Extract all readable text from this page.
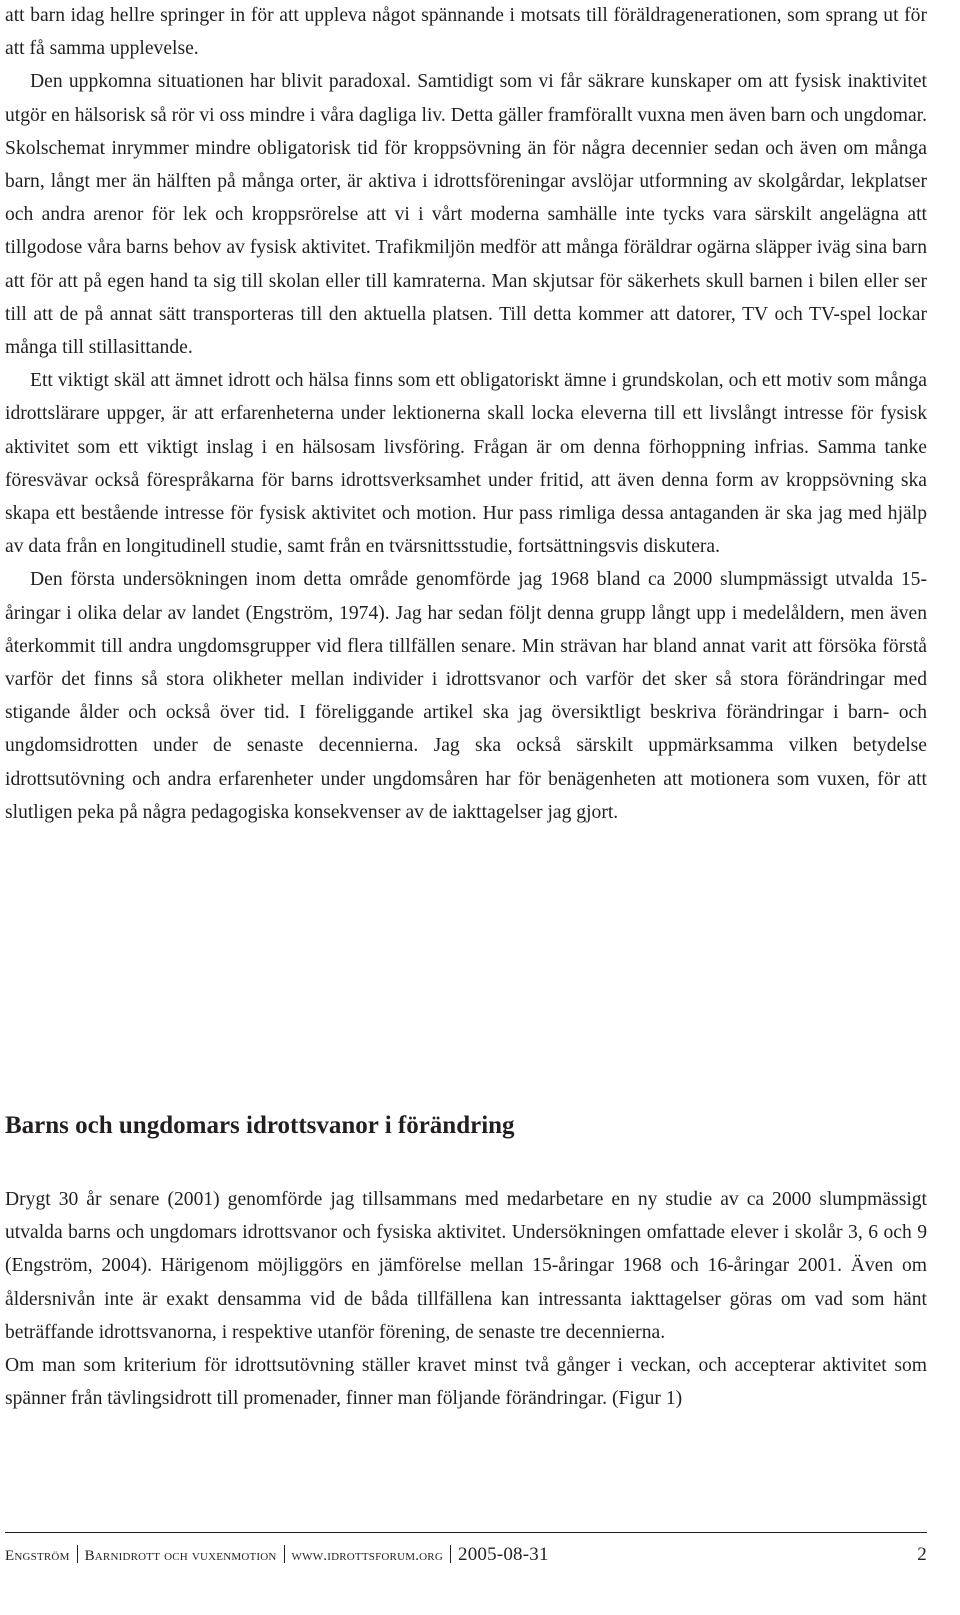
att barn idag hellre springer in för att uppleva något spännande i motsats till föräldragenerationen, som sprang ut för att få samma upplevelse.

Den uppkomna situationen har blivit paradoxal. Samtidigt som vi får säkrare kunskaper om att fysisk inaktivitet utgör en hälsorisk så rör vi oss mindre i våra dagliga liv. Detta gäller framförallt vuxna men även barn och ungdomar. Skolschemat inrymmer mindre obligatorisk tid för kroppsövning än för några decennier sedan och även om många barn, långt mer än hälften på många orter, är aktiva i idrottsföreningar avslöjar utformning av skolgårdar, lekplatser och andra arenor för lek och kroppsrörelse att vi i vårt moderna samhälle inte tycks vara särskilt angelägna att tillgodose våra barns behov av fysisk aktivitet. Trafikmiljön medför att många föräldrar ogärna släpper iväg sina barn att för att på egen hand ta sig till skolan eller till kamraterna. Man skjutsar för säkerhets skull barnen i bilen eller ser till att de på annat sätt transporteras till den aktuella platsen. Till detta kommer att datorer, TV och TV-spel lockar många till stillasittande.

Ett viktigt skäl att ämnet idrott och hälsa finns som ett obligatoriskt ämne i grundskolan, och ett motiv som många idrottslärare uppger, är att erfarenheterna under lektionerna skall locka eleverna till ett livslångt intresse för fysisk aktivitet som ett viktigt inslag i en hälsosam livsföring. Frågan är om denna förhoppning infrias. Samma tanke föresvävar också förespråkarna för barns idrottsverksamhet under fritid, att även denna form av kroppsövning ska skapa ett bestående intresse för fysisk aktivitet och motion. Hur pass rimliga dessa antaganden är ska jag med hjälp av data från en longitudinell studie, samt från en tvärsnittsstudie, fortsättningsvis diskutera.

Den första undersökningen inom detta område genomförde jag 1968 bland ca 2000 slumpmässigt utvalda 15-åringar i olika delar av landet (Engström, 1974). Jag har sedan följt denna grupp långt upp i medelåldern, men även återkommit till andra ungdomsgrupper vid flera tillfällen senare. Min strävan har bland annat varit att försöka förstå varför det finns så stora olikheter mellan individer i idrottsvanor och varför det sker så stora förändringar med stigande ålder och också över tid. I föreliggande artikel ska jag översiktligt beskriva förändringar i barn- och ungdomsidrotten under de senaste decennierna. Jag ska också särskilt uppmärksamma vilken betydelse idrottsutövning och andra erfarenheter under ungdomsåren har för benägenheten att motionera som vuxen, för att slutligen peka på några pedagogiska konsekvenser av de iakttagelser jag gjort.

Barns och ungdomars idrottsvanor i förändring

Drygt 30 år senare (2001) genomförde jag tillsammans med medarbetare en ny studie av ca 2000 slumpmässigt utvalda barns och ungdomars idrottsvanor och fysiska aktivitet. Undersökningen omfattade elever i skolår 3, 6 och 9 (Engström, 2004). Härigenom möjliggörs en jämförelse mellan 15-åringar 1968 och 16-åringar 2001. Även om åldersnivån inte är exakt densamma vid de båda tillfällena kan intressanta iakttagelser göras om vad som hänt beträffande idrottsvanorna, i respektive utanför förening, de senaste tre decennierna.

Om man som kriterium för idrottsutövning ställer kravet minst två gånger i veckan, och accepterar aktivitet som spänner från tävlingsidrott till promenader, finner man följande förändringar. (Figur 1)

Engström Barnidrott och vuxenmotion www.idrottsforum.org 2005-08-31	2
